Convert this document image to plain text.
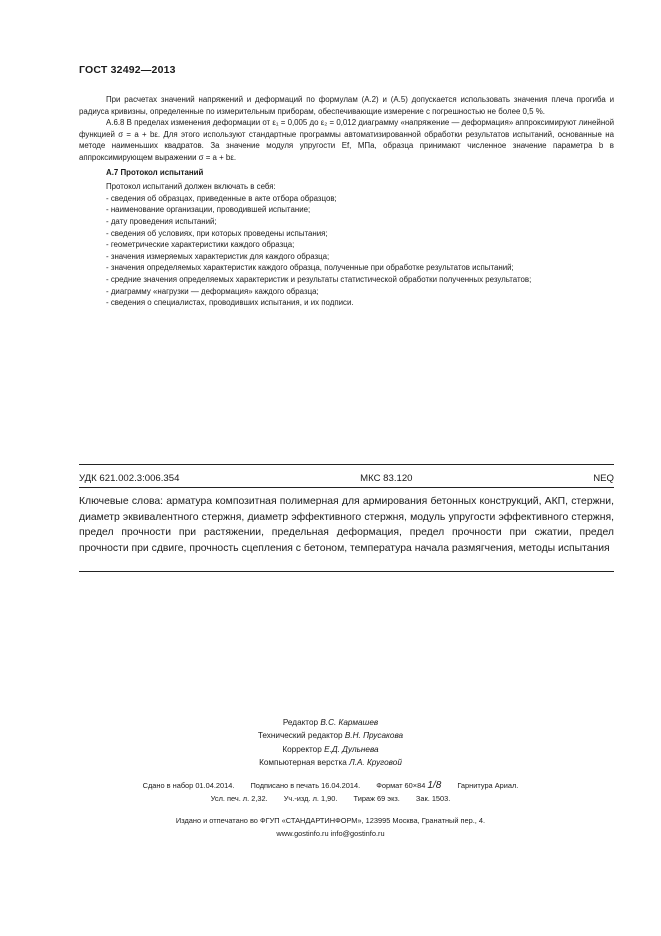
ГОСТ 32492—2013

При расчетах значений напряжений и деформаций по формулам (А.2) и (А.5) допускается использовать значения плеча прогиба и радиуса кривизны, определенные по измерительным приборам, обеспечивающие измерение с погрешностью не более 0,5 %.

А.6.8 В пределах изменения деформации от ε₁ = 0,005 до ε₂ = 0,012 диаграмму «напряжение — деформация» аппроксимируют линейной функцией σ = a + bε. Для этого используют стандартные программы автоматизированной обработки результатов испытаний, основанные на методе наименьших квадратов. За значение модуля упругости Ef, МПа, образца принимают численное значение параметра b в аппроксимирующем выражении σ = a + bε.

А.7 Протокол испытаний

Протокол испытаний должен включать в себя:

- сведения об образцах, приведенные в акте отбора образцов;
- наименование организации, проводившей испытание;
- дату проведения испытаний;
- сведения об условиях, при которых проведены испытания;
- геометрические характеристики каждого образца;
- значения измеряемых характеристик для каждого образца;
- значения определяемых характеристик каждого образца, полученные при обработке результатов испытаний;
- средние значения определяемых характеристик и результаты статистической обработки полученных результатов;
- диаграмму «нагрузки — деформация» каждого образца;
- сведения о специалистах, проводивших испытания, и их подписи.
УДК 621.002.3:006.354	МКС 83.120	NEQ
Ключевые слова: арматура композитная полимерная для армирования бетонных конструкций, АКП, стержни, диаметр эквивалентного стержня, диаметр эффективного стержня, модуль упругости эффективного стержня, предел прочности при растяжении, предельная деформация, предел прочности при сжатии, предел прочности при сдвиге, прочность сцепления с бетоном, температура начала размягчения, методы испытания
Редактор В.С. Кармашев
Технический редактор В.Н. Прусакова
Корректор Е.Д. Дульнева
Компьютерная верстка Л.А. Круговой
Сдано в набор 01.04.2014. Подписано в печать 16.04.2014. Формат 60×84 1/8 Гарнитура Ариал.
Усл. печ. л. 2,32. Уч.-изд. л. 1,90. Тираж 69 экз. Зак. 1503.
Издано и отпечатано во ФГУП «СТАНДАРТИНФОРМ», 123995 Москва, Гранатный пер., 4.
www.gostinfo.ru info@gostinfo.ru
